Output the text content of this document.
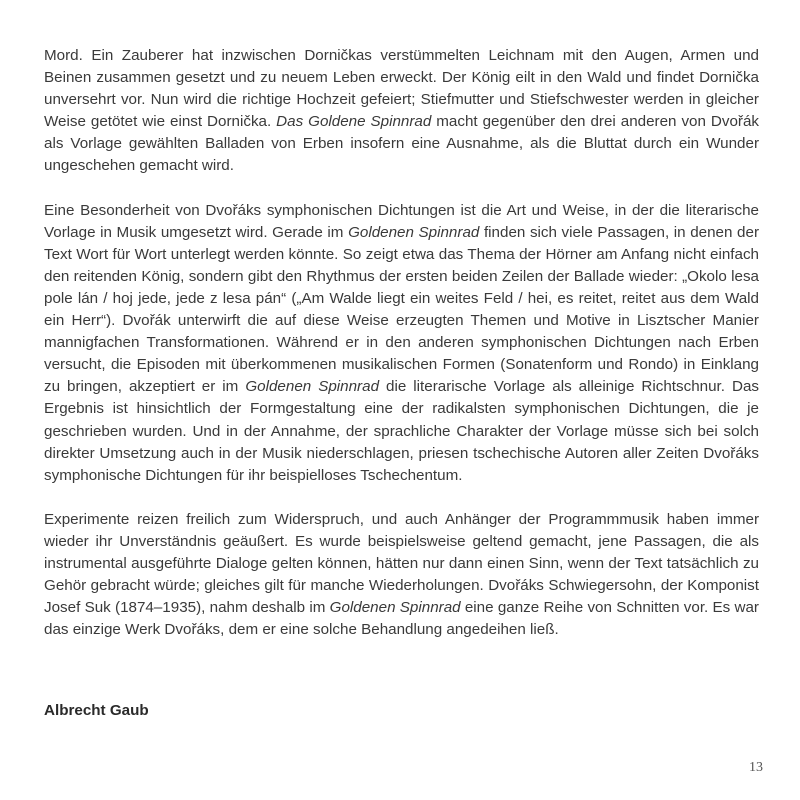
Mord. Ein Zauberer hat inzwischen Dorničkas verstümmelten Leichnam mit den Augen, Armen und Beinen zusammen gesetzt und zu neuem Leben erweckt. Der König eilt in den Wald und findet Dornička unversehrt vor. Nun wird die richtige Hochzeit gefeiert; Stiefmutter und Stiefschwester werden in gleicher Weise getötet wie einst Dornička. Das Goldene Spinnrad macht gegenüber den drei anderen von Dvořák als Vorlage gewählten Balladen von Erben insofern eine Ausnahme, als die Bluttat durch ein Wunder ungeschehen gemacht wird.

Eine Besonderheit von Dvořáks symphonischen Dichtungen ist die Art und Weise, in der die literarische Vorlage in Musik umgesetzt wird. Gerade im Goldenen Spinnrad finden sich viele Passagen, in denen der Text Wort für Wort unterlegt werden könnte. So zeigt etwa das Thema der Hörner am Anfang nicht einfach den reitenden König, sondern gibt den Rhythmus der ersten beiden Zeilen der Ballade wieder: „Okolo lesa pole lán / hoj jede, jede z lesa pán“ („Am Walde liegt ein weites Feld / hei, es reitet, reitet aus dem Wald ein Herr“). Dvořák unterwirft die auf diese Weise erzeugten Themen und Motive in Lisztscher Manier mannigfachen Transformationen. Während er in den anderen symphonischen Dichtungen nach Erben versucht, die Episoden mit überkommenen musikalischen Formen (Sonatenform und Rondo) in Einklang zu bringen, akzeptiert er im Goldenen Spinnrad die literarische Vorlage als alleinige Richtschnur. Das Ergebnis ist hinsichtlich der Formgestaltung eine der radikalsten symphonischen Dichtungen, die je geschrieben wurden. Und in der Annahme, der sprachliche Charakter der Vorlage müsse sich bei solch direkter Umsetzung auch in der Musik niederschlagen, priesen tschechische Autoren aller Zeiten Dvořáks symphonische Dichtungen für ihr beispielloses Tschechentum.

Experimente reizen freilich zum Widerspruch, und auch Anhänger der Programmmusik haben immer wieder ihr Unverständnis geäußert. Es wurde beispielsweise geltend gemacht, jene Passagen, die als instrumental ausgeführte Dialoge gelten können, hätten nur dann einen Sinn, wenn der Text tatsächlich zu Gehör gebracht würde; gleiches gilt für manche Wiederholungen. Dvořáks Schwiegersohn, der Komponist Josef Suk (1874–1935), nahm deshalb im Goldenen Spinnrad eine ganze Reihe von Schnitten vor. Es war das einzige Werk Dvořáks, dem er eine solche Behandlung angedeihen ließ.

Albrecht Gaub
13
